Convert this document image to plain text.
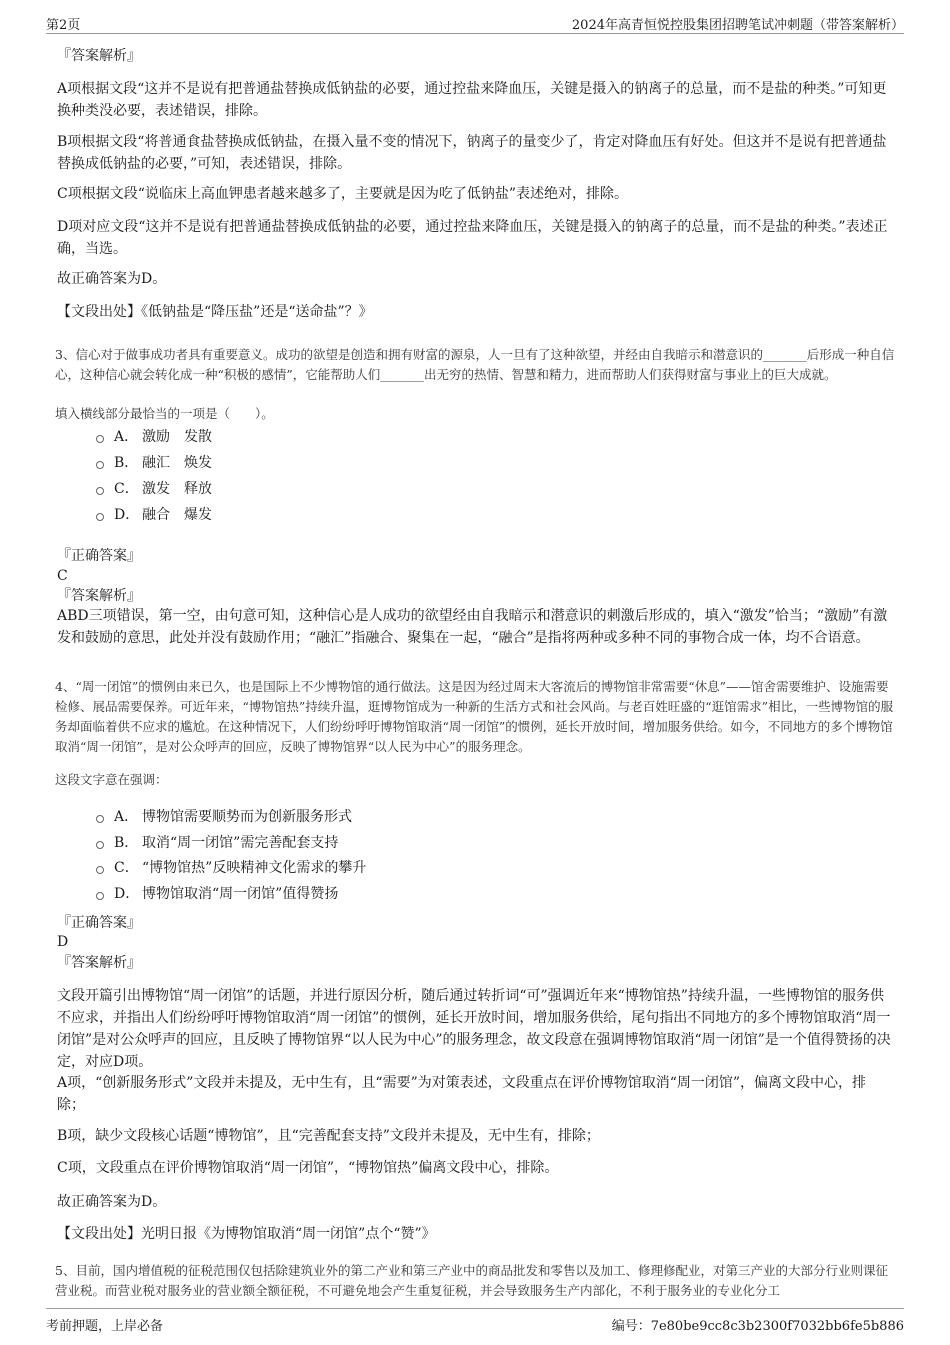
第2页	2024年高青恒悦控股集团招聘笔试冲刺题（带答案解析）

『答案解析』

A项根据文段“这并不是说有把普通盐替换成低钠盐的必要，通过控盐来降血压，关键是摄入的钠离子的总量，而不是盐的种类。”可知更换种类没必要，表述错误，排除。

B项根据文段“将普通食盐替换成低钠盐，在摄入量不变的情况下，钠离子的量变少了，肯定对降血压有好处。但这并不是说有把普通盐替换成低钠盐的必要，”可知，表述错误，排除。

C项根据文段“说临床上高血钾患者越来越多了，主要就是因为吃了低钠盐”表述绝对，排除。

D项对应文段“这并不是说有把普通盐替换成低钠盐的必要，通过控盐来降血压，关键是摄入的钠离子的总量，而不是盐的种类。”表述正确，当选。

故正确答案为D。

【文段出处】《低钠盐是“降压盐”还是“送命盐”？》

3、信心对于做事成功者具有重要意义。成功的欲望是创造和拥有财富的源泉，人一旦有了这种欲望，并经由自我暗示和潜意识的_______后形成一种自信心，这种信心就会转化成一种“积极的感情”，它能帮助人们_______出无穷的热情、智慧和精力，进而帮助人们获得财富与事业上的巨大成就。

填入横线部分最恰当的一项是（　　）。

A． 激励　发散
B． 融汇　焕发
C． 激发　释放
D． 融合　爆发

『正确答案』

C

『答案解析』

ABD三项错误，第一空，由句意可知，这种信心是人成功的欲望经由自我暗示和潜意识的刺激后形成的，填入“激发”恰当；“激励”有激发和鼓励的意思，此处并没有鼓励作用；“融汇”指融合、聚集在一起，“融合”是指将两种或多种不同的事物合成一体，均不合语意。

4、“周一闭馆”的惯例由来已久，也是国际上不少博物馆的通行做法。这是因为经过周末大客流后的博物馆非常需要“休息”——馆舍需要维护、设施需要检修、展品需要保养。可近年来，“博物馆热”持续升温，逛博物馆成为一种新的生活方式和社会风尚。与老百姓旺盛的“逛馆需求”相比，一些博物馆的服务却面临着供不应求的尴尬。在这种情况下，人们纷纷呼吁博物馆取消“周一闭馆”的惯例，延长开放时间，增加服务供给。如今，不同地方的多个博物馆取消“周一闭馆”，是对公众呼声的回应，反映了博物馆界“以人民为中心”的服务理念。

这段文字意在强调：

A． 博物馆需要顺势而为创新服务形式
B． 取消“周一闭馆”需完善配套支持
C． “博物馆热”反映精神文化需求的攀升
D． 博物馆取消“周一闭馆”值得赞扬

『正确答案』

D

『答案解析』

文段开篇引出博物馆“周一闭馆”的话题，并进行原因分析，随后通过转折词“可”强调近年来“博物馆热”持续升温，一些博物馆的服务供不应求，并指出人们纷纷呼吁博物馆取消“周一闭馆”的惯例，延长开放时间，增加服务供给，尾句指出不同地方的多个博物馆取消“周一闭馆”是对公众呼声的回应，且反映了博物馆界“以人民为中心”的服务理念，故文段意在强调博物馆取消“周一闭馆”是一个值得赞扬的决定，对应D项。

A项，“创新服务形式”文段并未提及，无中生有，且“需要”为对策表述，文段重点在评价博物馆取消“周一闭馆”，偏离文段中心，排除；

B项，缺少文段核心话题“博物馆”，且“完善配套支持”文段并未提及，无中生有，排除；

C项，文段重点在评价博物馆取消“周一闭馆”，“博物馆热”偏离文段中心，排除。

故正确答案为D。

【文段出处】光明日报《为博物馆取消“周一闭馆”点个“赞”》

5、目前，国内增值税的征税范围仅包括除建筑业外的第二产业和第三产业中的商品批发和零售以及加工、修理修配业，对第三产业的大部分行业则课征营业税。而营业税对服务业的营业额全额征税，不可避免地会产生重复征税，并会导致服务生产内部化，不利于服务业的专业化分工

考前押题，上岸必备	编号：7e80be9cc8c3b2300f7032bb6fe5b886
